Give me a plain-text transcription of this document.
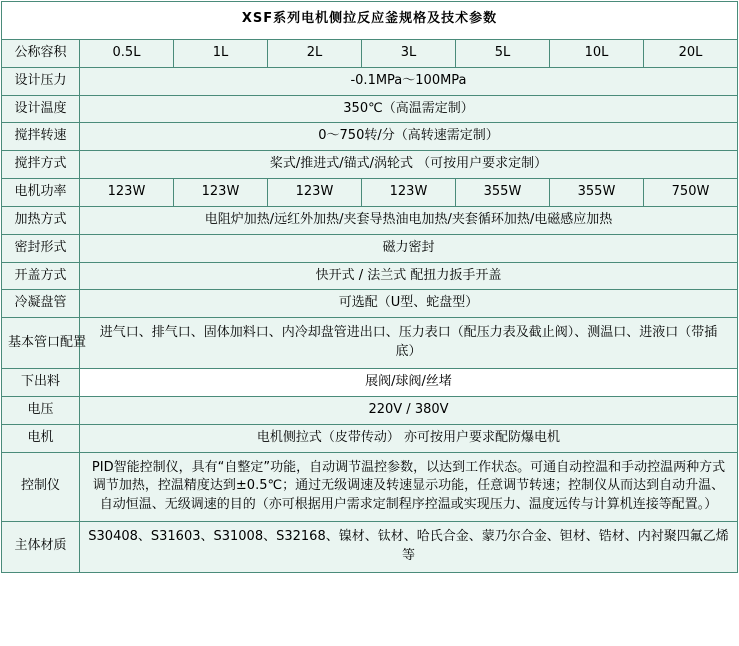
XSF系列电机侧拉反应釜规格及技术参数							
公称容积	0.5L	1L	2L	3L	5L	10L	20L
设计压力	-0.1MPa～100MPa						
设计温度	350℃（高温需定制）						
搅拌转速	0～750转/分（高转速需定制）						
搅拌方式	桨式/推进式/锚式/涡轮式 （可按用户要求定制）						
电机功率	123W	123W	123W	123W	355W	355W	750W
加热方式	电阻炉加热/远红外加热/夹套导热油电加热/夹套循环加热/电磁感应加热						
密封形式	磁力密封						
开盖方式	快开式 / 法兰式 配扭力扳手开盖						
冷凝盘管	可选配（U型、蛇盘型）						
基本管口配置	进气口、排气口、固体加料口、内冷却盘管进出口、压力表口（配压力表及截止阀）、测温口、进液口（带插底）						
下出料	展阀/球阀/丝堵						
电压	220V / 380V						
电机	电机侧拉式（皮带传动） 亦可按用户要求配防爆电机						
控制仪	PID智能控制仪，具有“自整定”功能，自动调节温控参数，以达到工作状态。可通自动控温和手动控温两种方式调节加热，控温精度达到±0.5℃；通过无级调速及转速显示功能，任意调节转速；控制仪从而达到自动升温、自动恒温、无级调速的目的（亦可根据用户需求定制程序控温或实现压力、温度远传与计算机连接等配置。）						
主体材质	S30408、S31603、S31008、S32168、镍材、钛材、哈氏合金、蒙乃尔合金、钽材、锆材、内衬聚四氟乙烯等						
